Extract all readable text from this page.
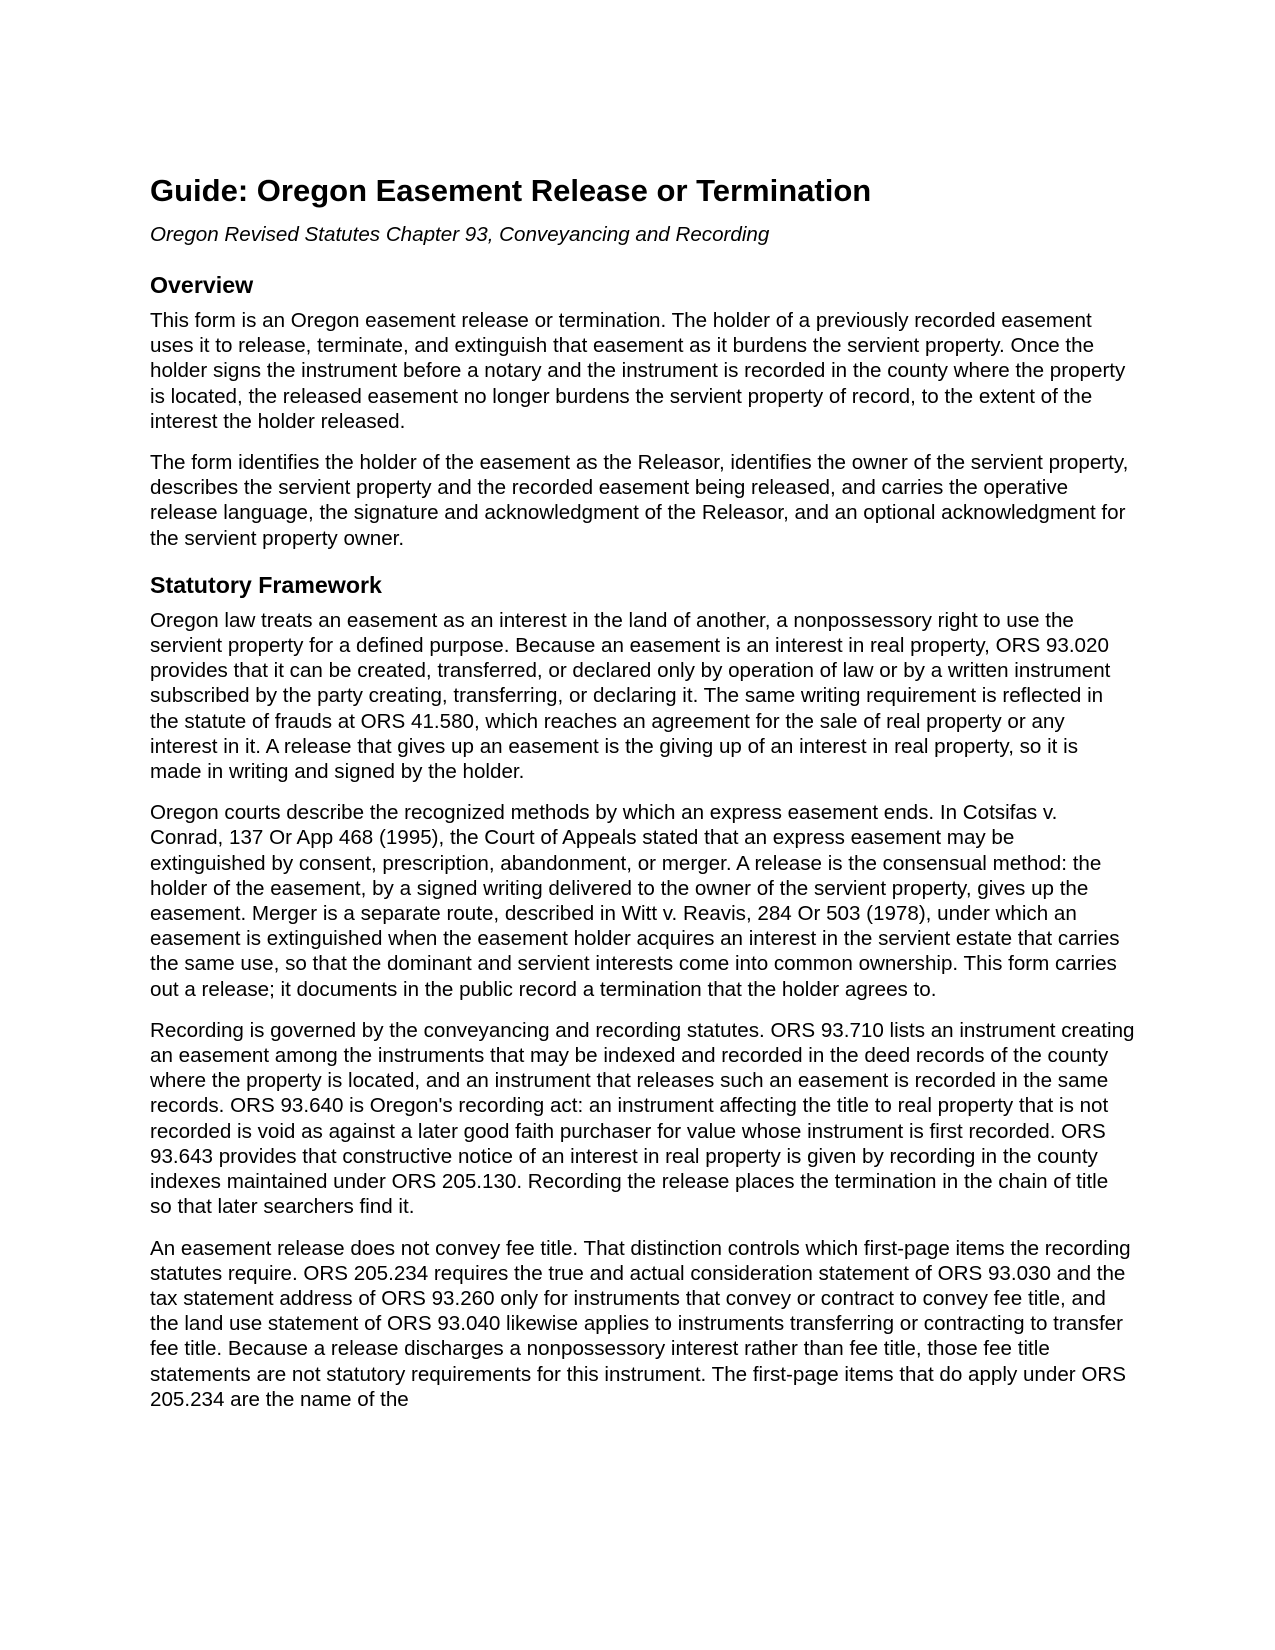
Guide: Oregon Easement Release or Termination

Oregon Revised Statutes Chapter 93, Conveyancing and Recording

Overview

This form is an Oregon easement release or termination. The holder of a previously recorded easement uses it to release, terminate, and extinguish that easement as it burdens the servient property. Once the holder signs the instrument before a notary and the instrument is recorded in the county where the property is located, the released easement no longer burdens the servient property of record, to the extent of the interest the holder released.

The form identifies the holder of the easement as the Releasor, identifies the owner of the servient property, describes the servient property and the recorded easement being released, and carries the operative release language, the signature and acknowledgment of the Releasor, and an optional acknowledgment for the servient property owner.

Statutory Framework

Oregon law treats an easement as an interest in the land of another, a nonpossessory right to use the servient property for a defined purpose. Because an easement is an interest in real property, ORS 93.020 provides that it can be created, transferred, or declared only by operation of law or by a written instrument subscribed by the party creating, transferring, or declaring it. The same writing requirement is reflected in the statute of frauds at ORS 41.580, which reaches an agreement for the sale of real property or any interest in it. A release that gives up an easement is the giving up of an interest in real property, so it is made in writing and signed by the holder.

Oregon courts describe the recognized methods by which an express easement ends. In Cotsifas v. Conrad, 137 Or App 468 (1995), the Court of Appeals stated that an express easement may be extinguished by consent, prescription, abandonment, or merger. A release is the consensual method: the holder of the easement, by a signed writing delivered to the owner of the servient property, gives up the easement. Merger is a separate route, described in Witt v. Reavis, 284 Or 503 (1978), under which an easement is extinguished when the easement holder acquires an interest in the servient estate that carries the same use, so that the dominant and servient interests come into common ownership. This form carries out a release; it documents in the public record a termination that the holder agrees to.

Recording is governed by the conveyancing and recording statutes. ORS 93.710 lists an instrument creating an easement among the instruments that may be indexed and recorded in the deed records of the county where the property is located, and an instrument that releases such an easement is recorded in the same records. ORS 93.640 is Oregon's recording act: an instrument affecting the title to real property that is not recorded is void as against a later good faith purchaser for value whose instrument is first recorded. ORS 93.643 provides that constructive notice of an interest in real property is given by recording in the county indexes maintained under ORS 205.130. Recording the release places the termination in the chain of title so that later searchers find it.

An easement release does not convey fee title. That distinction controls which first-page items the recording statutes require. ORS 205.234 requires the true and actual consideration statement of ORS 93.030 and the tax statement address of ORS 93.260 only for instruments that convey or contract to convey fee title, and the land use statement of ORS 93.040 likewise applies to instruments transferring or contracting to transfer fee title. Because a release discharges a nonpossessory interest rather than fee title, those fee title statements are not statutory requirements for this instrument. The first-page items that do apply under ORS 205.234 are the name of the
